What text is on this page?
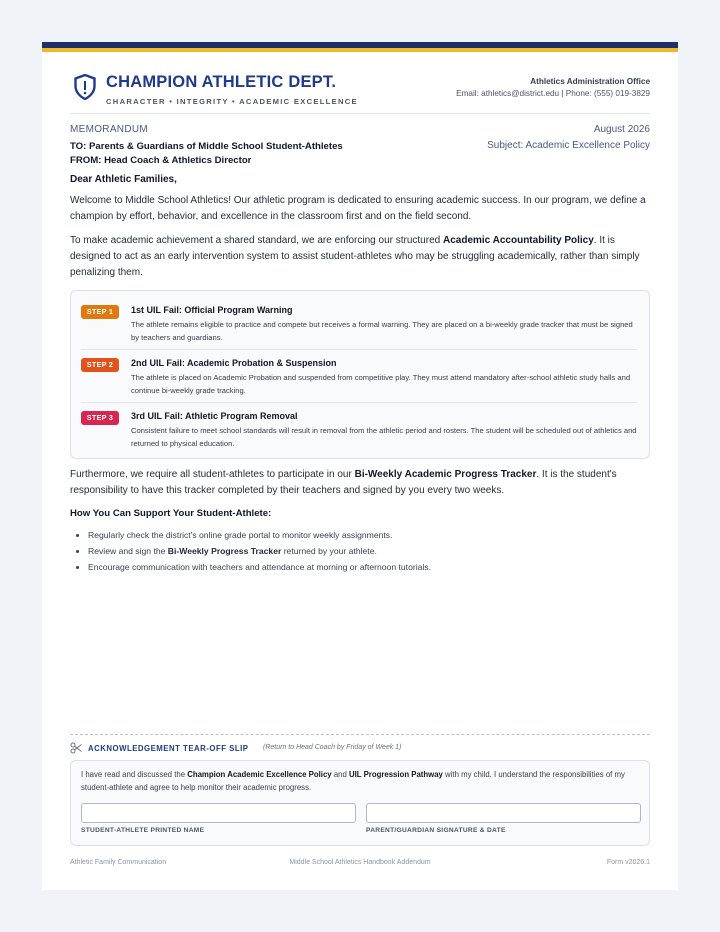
CHAMPION ATHLETIC DEPT.
CHARACTER • INTEGRITY • ACADEMIC EXCELLENCE
Athletics Administration Office
Email: athletics@district.edu | Phone: (555) 019-3829
MEMORANDUM
TO: Parents & Guardians of Middle School Student-Athletes
FROM: Head Coach & Athletics Director
August 2026
Subject: Academic Excellence Policy
Dear Athletic Families,

Welcome to Middle School Athletics! Our athletic program is dedicated to ensuring academic success. In our program, we define a champion by effort, behavior, and excellence in the classroom first and on the field second.

To make academic achievement a shared standard, we are enforcing our structured Academic Accountability Policy. It is designed to act as an early intervention system to assist student-athletes who may be struggling academically, rather than simply penalizing them.

STEP 1	1st UIL Fail: Official Program Warning
The athlete remains eligible to practice and compete but receives a formal warning. They are placed on a bi-weekly grade tracker that must be signed by teachers and guardians.
STEP 2	2nd UIL Fail: Academic Probation & Suspension
The athlete is placed on Academic Probation and suspended from competitive play. They must attend mandatory after-school athletic study halls and continue bi-weekly grade tracking.
STEP 3	3rd UIL Fail: Athletic Program Removal
Consistent failure to meet school standards will result in removal from the athletic period and rosters. The student will be scheduled out of athletics and returned to physical education.

Furthermore, we require all student-athletes to participate in our Bi-Weekly Academic Progress Tracker. It is the student's responsibility to have this tracker completed by their teachers and signed by you every two weeks.

How You Can Support Your Student-Athlete:
Regularly check the district's online grade portal to monitor weekly assignments.
Review and sign the Bi-Weekly Progress Tracker returned by your athlete.
Encourage communication with teachers and attendance at morning or afternoon tutorials.
ACKNOWLEDGEMENT TEAR-OFF SLIP (Return to Head Coach by Friday of Week 1)
I have read and discussed the Champion Academic Excellence Policy and UIL Progression Pathway with my child. I understand the responsibilities of my student-athlete and agree to help monitor their academic progress.
STUDENT-ATHLETE PRINTED NAME	PARENT/GUARDIAN SIGNATURE & DATE
Athletic Family Communication	Middle School Athletics Handbook Addendum	Form v2026.1
